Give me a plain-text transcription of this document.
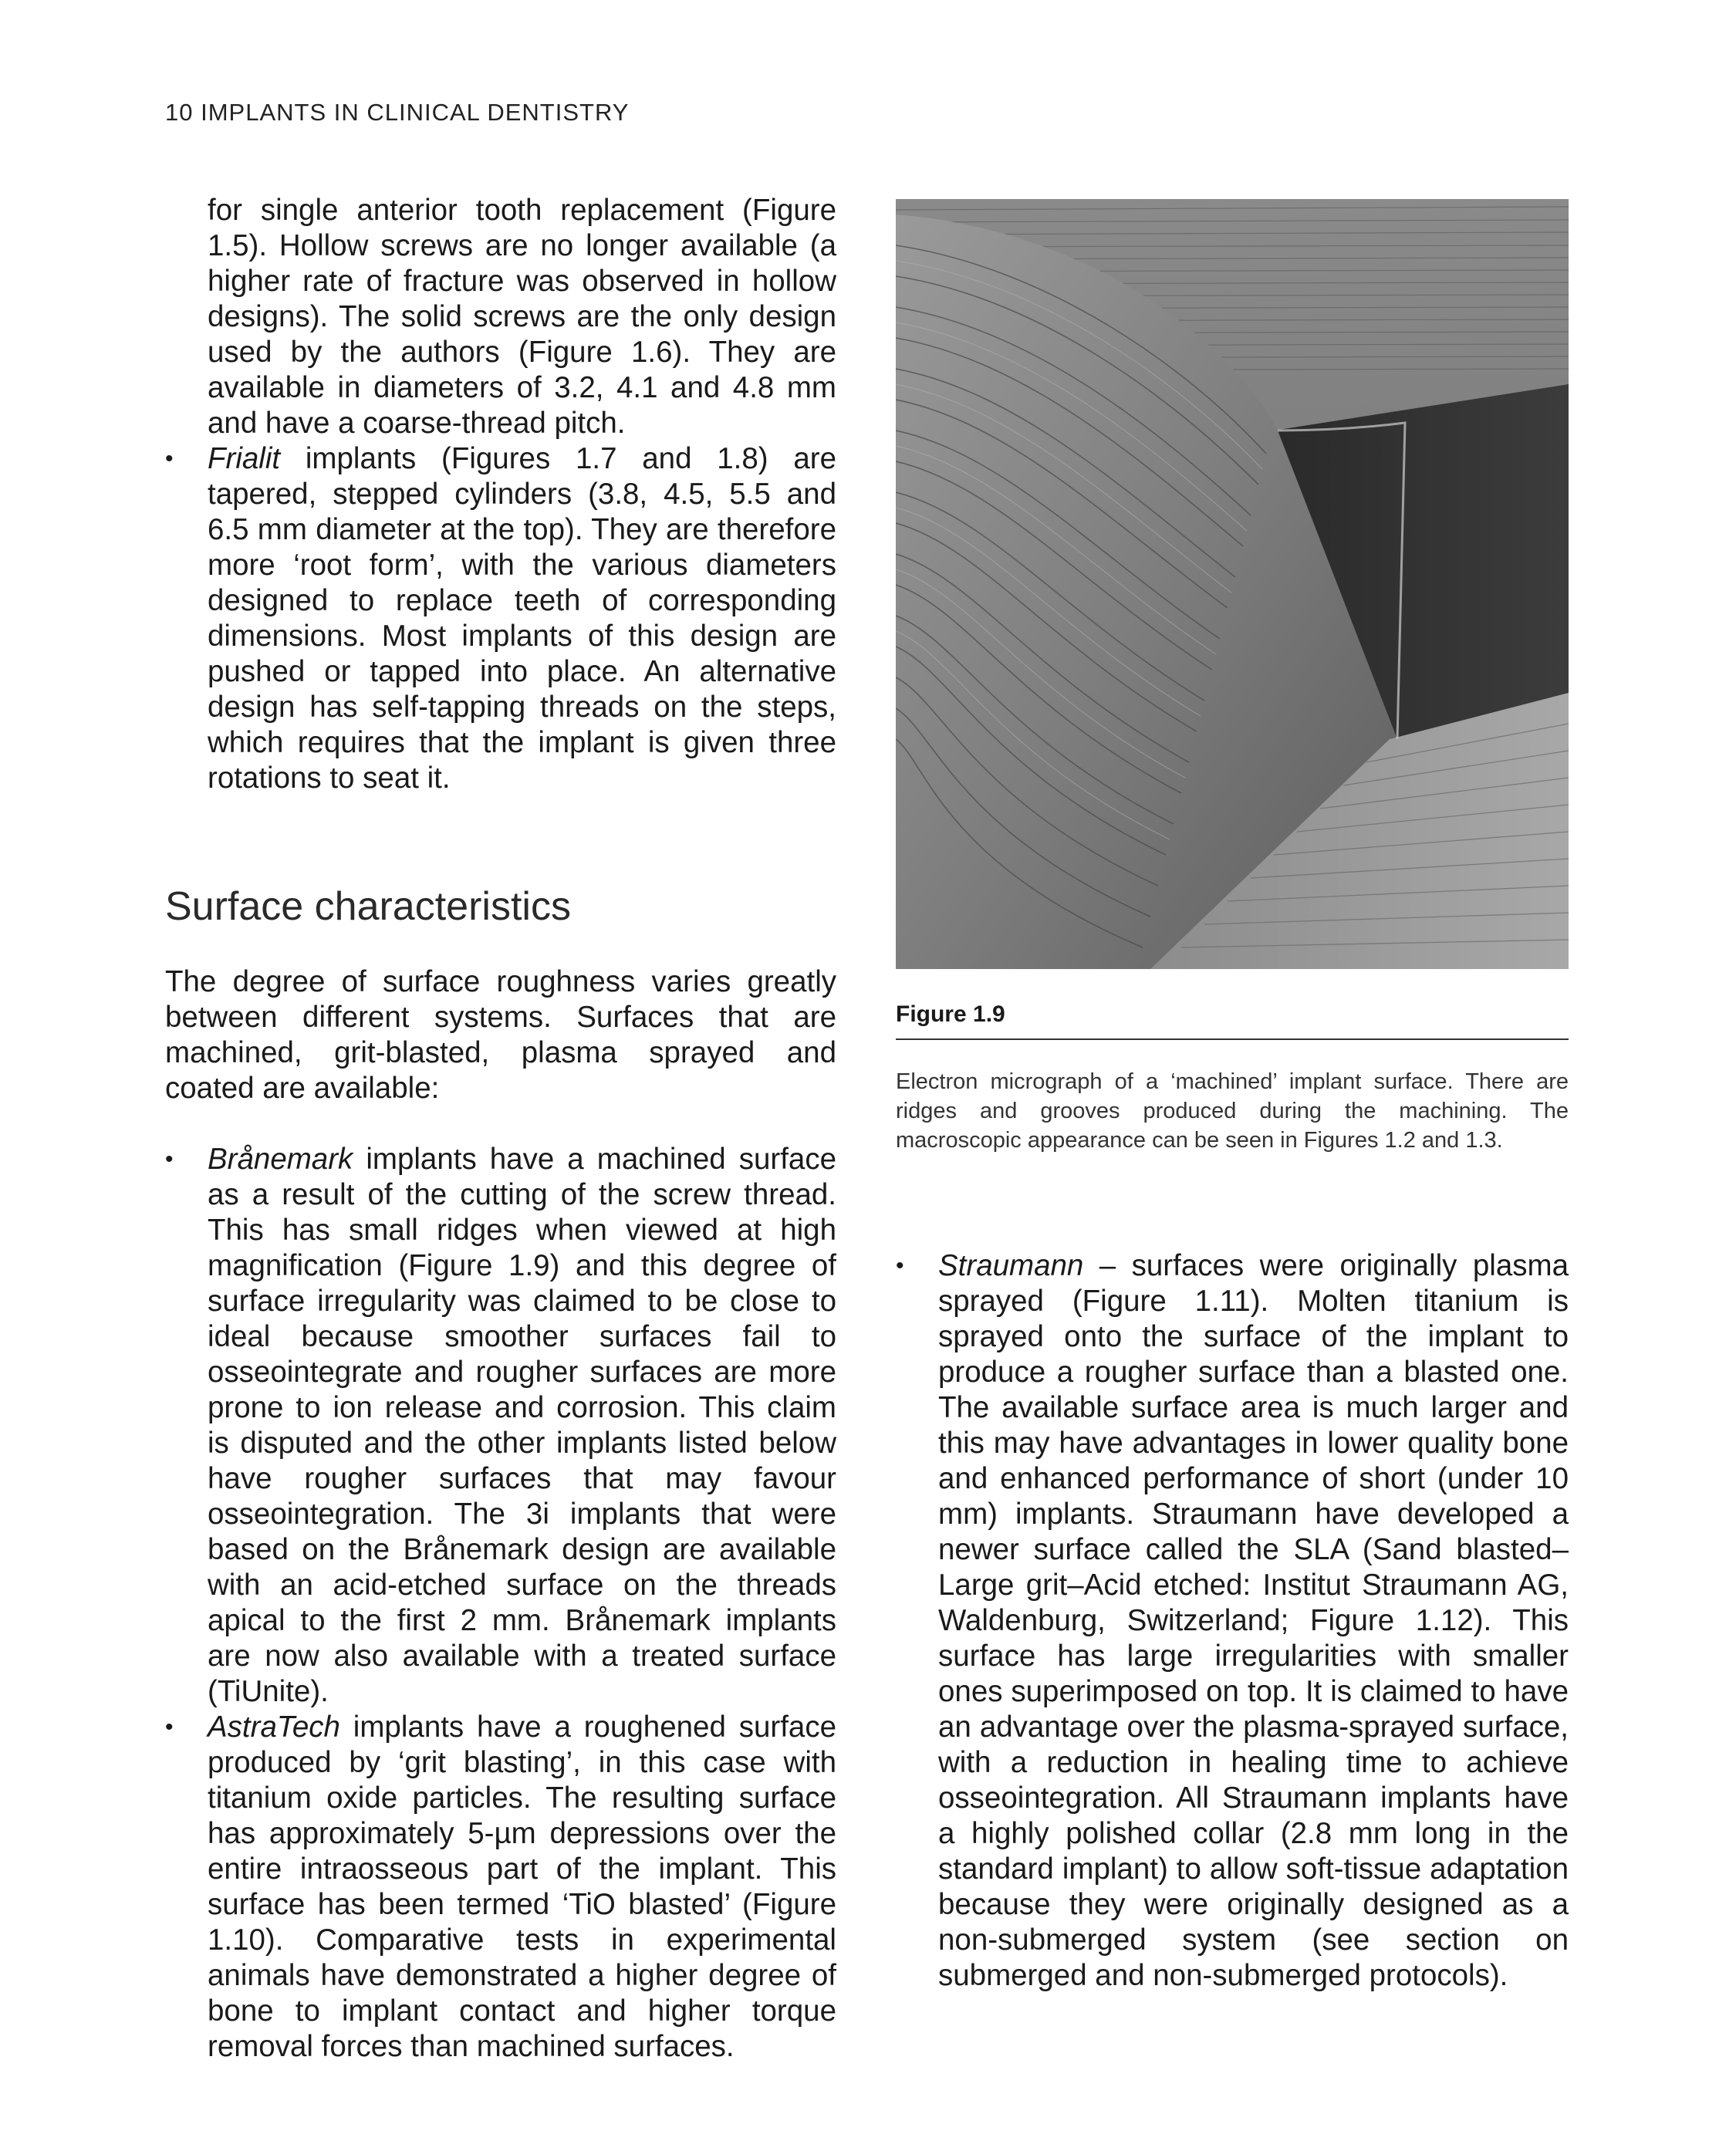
10 IMPLANTS IN CLINICAL DENTISTRY

for single anterior tooth replacement (Figure 1.5). Hollow screws are no longer available (a higher rate of fracture was observed in hollow designs). The solid screws are the only design used by the authors (Figure 1.6). They are available in diameters of 3.2, 4.1 and 4.8 mm and have a coarse-thread pitch.

•	Frialit implants (Figures 1.7 and 1.8) are tapered, stepped cylinders (3.8, 4.5, 5.5 and 6.5 mm diameter at the top). They are therefore more ‘root form’, with the various diameters designed to replace teeth of corresponding dimensions. Most implants of this design are pushed or tapped into place. An alternative design has self-tapping threads on the steps, which requires that the implant is given three rotations to seat it.
Surface characteristics

The degree of surface roughness varies greatly between different systems. Surfaces that are machined, grit-blasted, plasma sprayed and coated are available:

•	Brånemark implants have a machined surface as a result of the cutting of the screw thread. This has small ridges when viewed at high magnification (Figure 1.9) and this degree of surface irregularity was claimed to be close to ideal because smoother surfaces fail to osseointegrate and rougher surfaces are more prone to ion release and corrosion. This claim is disputed and the other implants listed below have rougher surfaces that may favour osseointegration. The 3i implants that were based on the Brånemark design are available with an acid-etched surface on the threads apical to the first 2 mm. Brånemark implants are now also available with a treated surface (TiUnite).
•	AstraTech implants have a roughened surface produced by ‘grit blasting’, in this case with titanium oxide particles. The resulting surface has approximately 5-µm depressions over the entire intraosseous part of the implant. This surface has been termed ‘TiO blasted’ (Figure 1.10). Comparative tests in experimental animals have demonstrated a higher degree of bone to implant contact and higher torque removal forces than machined surfaces.
Figure 1.9
Electron micrograph of a ‘machined’ implant surface. There are ridges and grooves produced during the machining. The macroscopic appearance can be seen in Figures 1.2 and 1.3.
•	Straumann – surfaces were originally plasma sprayed (Figure 1.11). Molten titanium is sprayed onto the surface of the implant to produce a rougher surface than a blasted one. The available surface area is much larger and this may have advantages in lower quality bone and enhanced performance of short (under 10 mm) implants. Straumann have developed a newer surface called the SLA (Sand blasted–Large grit–Acid etched: Institut Straumann AG, Waldenburg, Switzerland; Figure 1.12). This surface has large irregularities with smaller ones superimposed on top. It is claimed to have an advantage over the plasma-sprayed surface, with a reduction in healing time to achieve osseointegration. All Straumann implants have a highly polished collar (2.8 mm long in the standard implant) to allow soft-tissue adaptation because they were originally designed as a non-submerged system (see section on submerged and non-submerged protocols).
